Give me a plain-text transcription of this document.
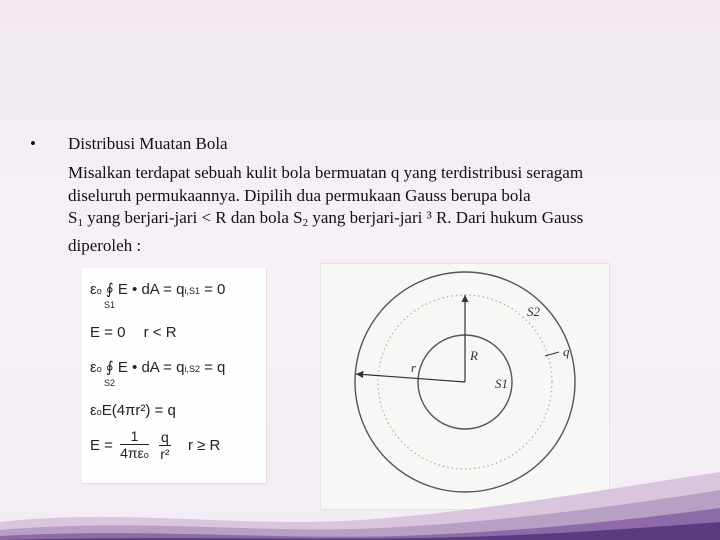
• Distribusi Muatan Bola
Misalkan terdapat sebuah kulit bola bermuatan q yang terdistribusi seragam
diseluruh permukaannya. Dipilih dua permukaan Gauss berupa bola
$S_1$ yang berjari-jari < R dan bola $S_2$ yang berjari-jari ³ R. Dari hukum Gauss
diperoleh :
εo ∮ E • dA = qi,S1 = 0
S1
E = 0 r < R
εo ∮ E • dA = qi,S2 = q
S2
εoE(4πr²) = q
$E = \frac{1}{\text{4πεo}}$
$\frac{q}{\text{r²}}$ r ≥ R
S2
q
R
r
S1
